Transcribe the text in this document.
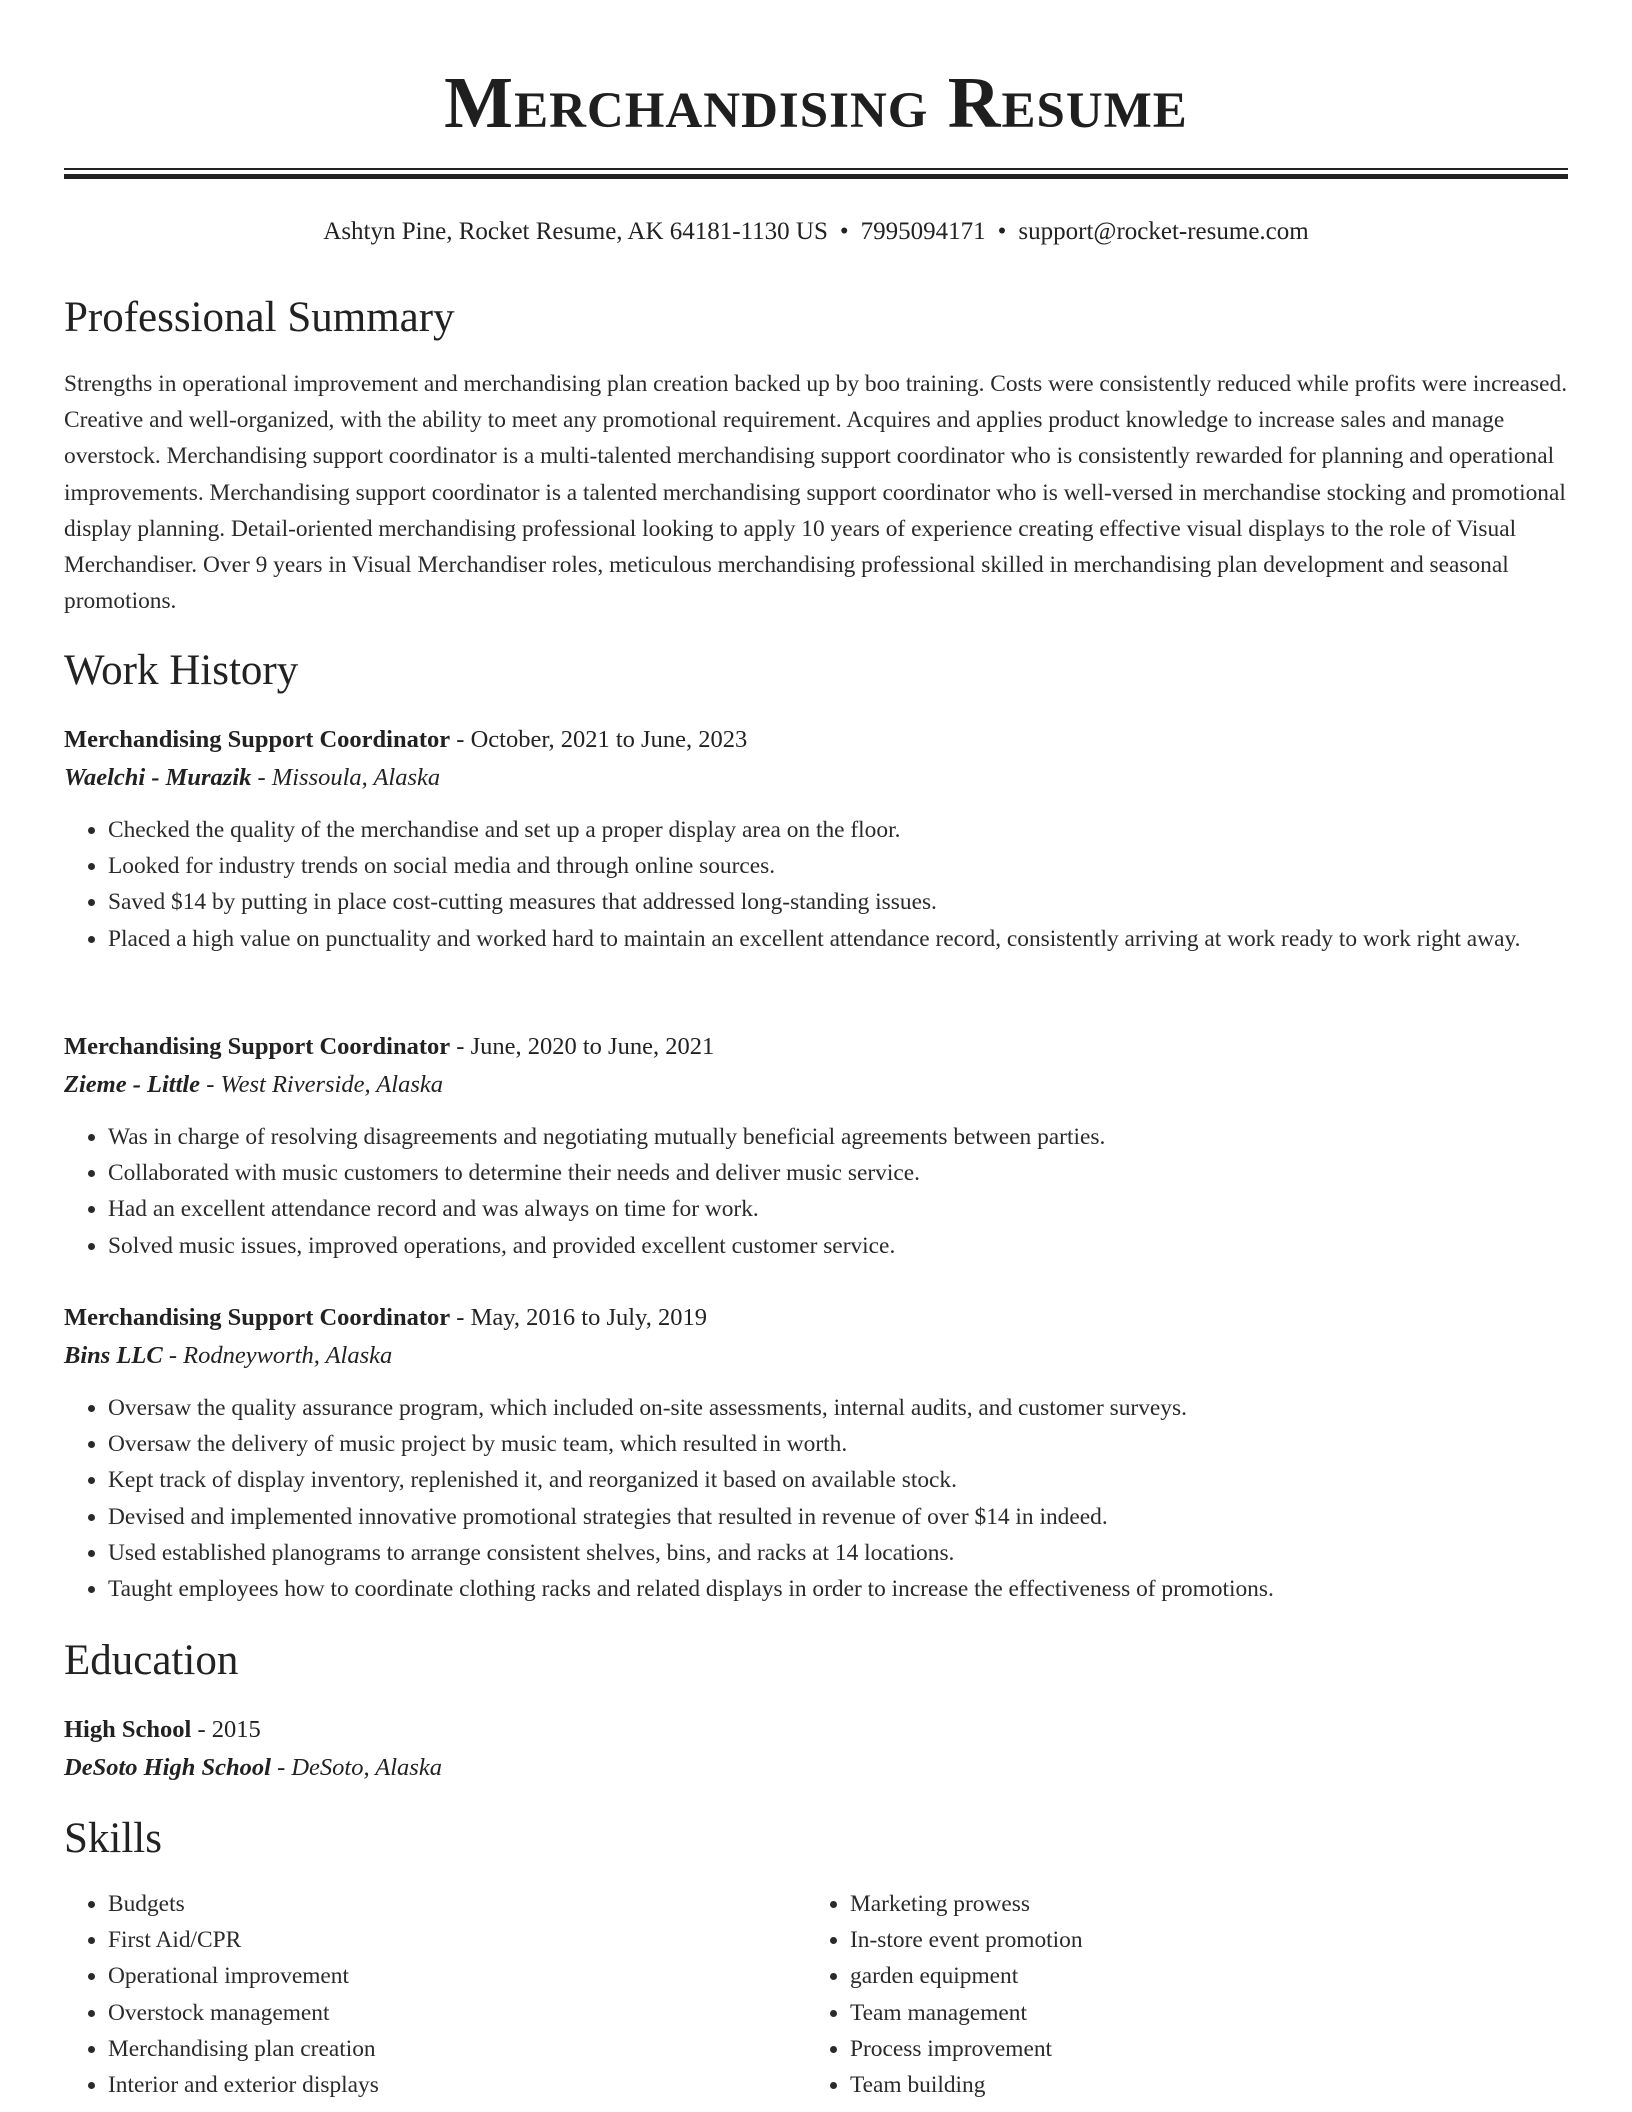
Merchandising Resume
Ashtyn Pine, Rocket Resume, AK 64181-1130 US • 7995094171 • support@rocket-resume.com
Professional Summary

Strengths in operational improvement and merchandising plan creation backed up by boo training. Costs were consistently reduced while profits were increased. Creative and well-organized, with the ability to meet any promotional requirement. Acquires and applies product knowledge to increase sales and manage overstock. Merchandising support coordinator is a multi-talented merchandising support coordinator who is consistently rewarded for planning and operational improvements. Merchandising support coordinator is a talented merchandising support coordinator who is well-versed in merchandise stocking and promotional display planning. Detail-oriented merchandising professional looking to apply 10 years of experience creating effective visual displays to the role of Visual Merchandiser. Over 9 years in Visual Merchandiser roles, meticulous merchandising professional skilled in merchandising plan development and seasonal promotions.

Work History
Merchandising Support Coordinator - October, 2021 to June, 2023
Waelchi - Murazik - Missoula, Alaska
• Checked the quality of the merchandise and set up a proper display area on the floor.
• Looked for industry trends on social media and through online sources.
• Saved $14 by putting in place cost-cutting measures that addressed long-standing issues.
• Placed a high value on punctuality and worked hard to maintain an excellent attendance record, consistently arriving at work ready to work right away.
Merchandising Support Coordinator - June, 2020 to June, 2021
Zieme - Little - West Riverside, Alaska
• Was in charge of resolving disagreements and negotiating mutually beneficial agreements between parties.
• Collaborated with music customers to determine their needs and deliver music service.
• Had an excellent attendance record and was always on time for work.
• Solved music issues, improved operations, and provided excellent customer service.
Merchandising Support Coordinator - May, 2016 to July, 2019
Bins LLC - Rodneyworth, Alaska
• Oversaw the quality assurance program, which included on-site assessments, internal audits, and customer surveys.
• Oversaw the delivery of music project by music team, which resulted in worth.
• Kept track of display inventory, replenished it, and reorganized it based on available stock.
• Devised and implemented innovative promotional strategies that resulted in revenue of over $14 in indeed.
• Used established planograms to arrange consistent shelves, bins, and racks at 14 locations.
• Taught employees how to coordinate clothing racks and related displays in order to increase the effectiveness of promotions.
Education
High School - 2015
DeSoto High School - DeSoto, Alaska
Skills
• Budgets
• First Aid/CPR
• Operational improvement
• Overstock management
• Merchandising plan creation
• Interior and exterior displays
• Marketing prowess
• In-store event promotion
• garden equipment
• Team management
• Process improvement
• Team building
